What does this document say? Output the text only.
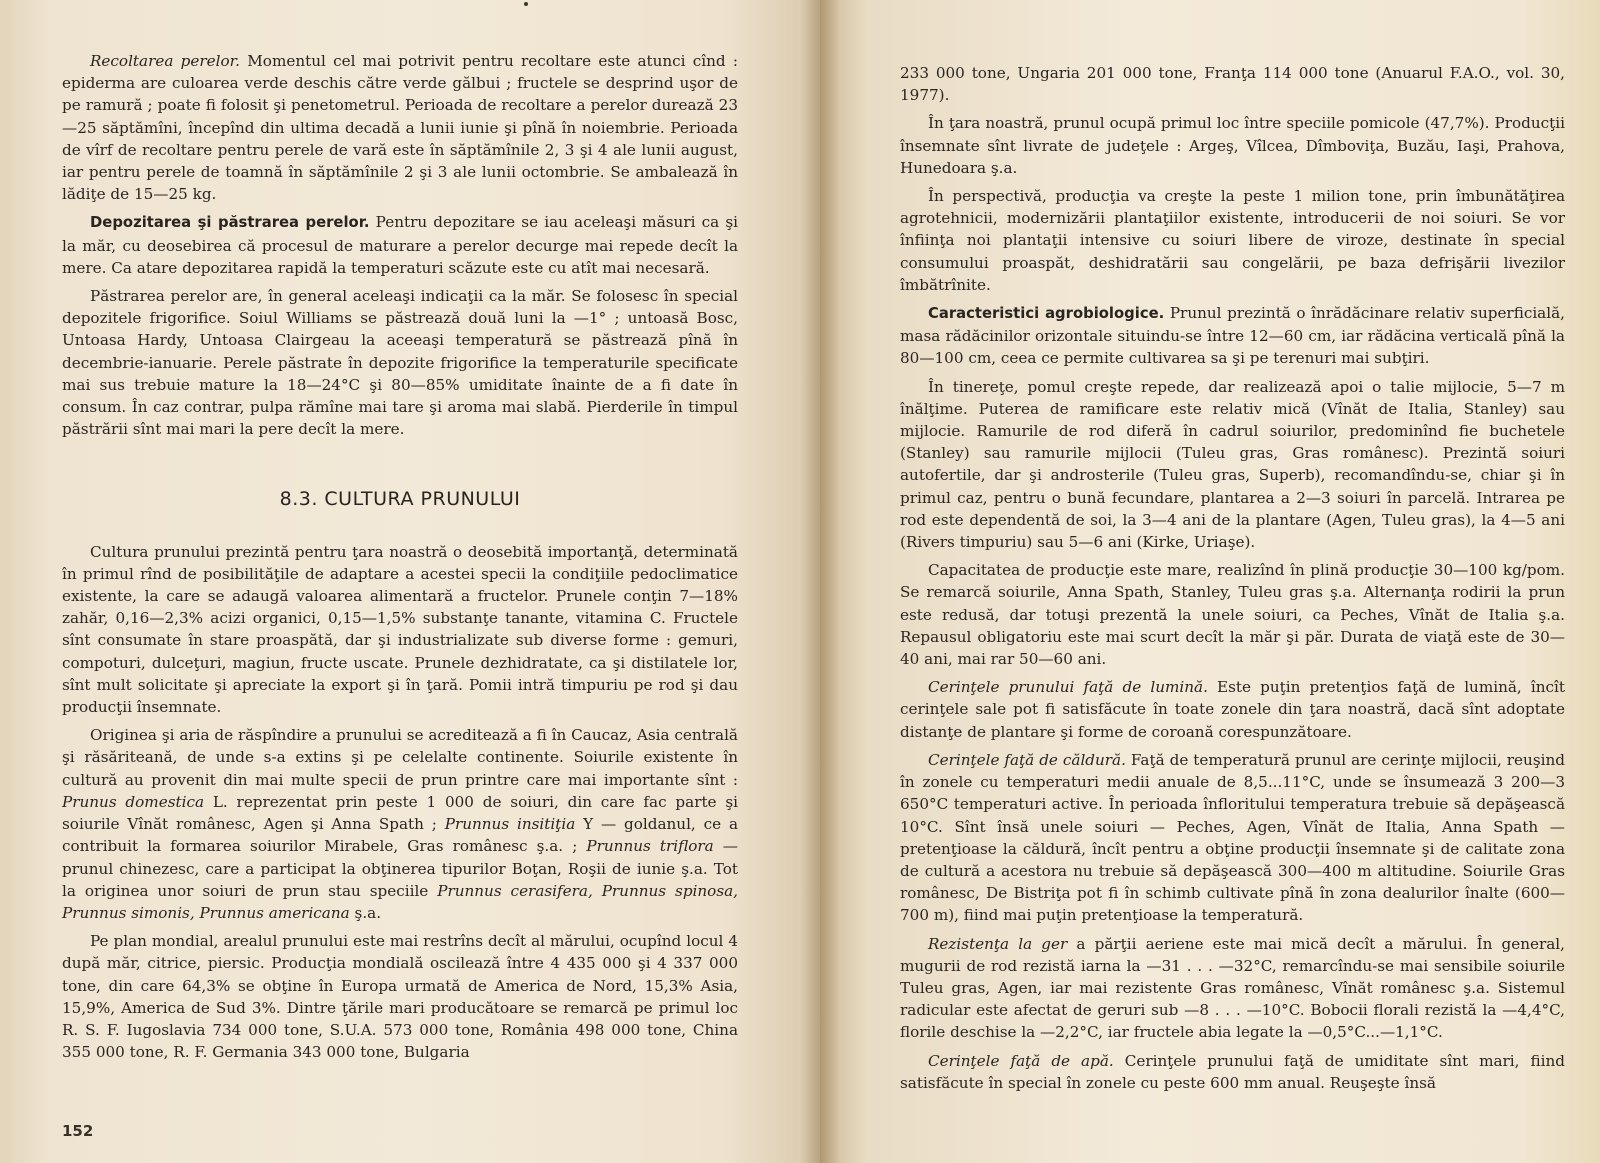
Recoltarea perelor. Momentul cel mai potrivit pentru recoltare este atunci cînd : epiderma are culoarea verde deschis către verde gălbui ; fructele se desprind uşor de pe ramură ; poate fi folosit şi penetometrul. Perioada de recoltare a perelor durează 23—25 săptămîni, începînd din ultima decadă a lunii iunie şi pînă în noiembrie. Perioada de vîrf de recoltare pentru perele de vară este în săptămînile 2, 3 şi 4 ale lunii august, iar pentru perele de toamnă în săptămînile 2 şi 3 ale lunii octombrie. Se ambalează în lădiţe de 15—25 kg.

Depozitarea şi păstrarea perelor. Pentru depozitare se iau aceleaşi măsuri ca şi la măr, cu deosebirea că procesul de maturare a perelor decurge mai repede decît la mere. Ca atare depozitarea rapidă la temperaturi scăzute este cu atît mai necesară.

Păstrarea perelor are, în general aceleaşi indicaţii ca la măr. Se folosesc în special depozitele frigorifice. Soiul Williams se păstrează două luni la —1° ; untoasă Bosc, Untoasa Hardy, Untoasa Clairgeau la aceeaşi temperatură se păstrează pînă în decembrie-ianuarie. Perele păstrate în depozite frigorifice la temperaturile specificate mai sus trebuie mature la 18—24°C şi 80—85% umiditate înainte de a fi date în consum. În caz contrar, pulpa rămîne mai tare şi aroma mai slabă. Pierderile în timpul păstrării sînt mai mari la pere decît la mere.

8.3. CULTURA PRUNULUI

Cultura prunului prezintă pentru ţara noastră o deosebită importanţă, determinată în primul rînd de posibilităţile de adaptare a acestei specii la condiţiile pedoclimatice existente, la care se adaugă valoarea alimentară a fructelor. Prunele conţin 7—18% zahăr, 0,16—2,3% acizi organici, 0,15—1,5% substanţe tanante, vitamina C. Fructele sînt consumate în stare proaspătă, dar şi industrializate sub diverse forme : gemuri, compoturi, dulceţuri, magiun, fructe uscate. Prunele dezhidratate, ca şi distilatele lor, sînt mult solicitate şi apreciate la export şi în ţară. Pomii intră timpuriu pe rod şi dau producţii însemnate.

Originea şi aria de răspîndire a prunului se acreditează a fi în Caucaz, Asia centrală şi răsăriteană, de unde s-a extins şi pe celelalte continente. Soiurile existente în cultură au provenit din mai multe specii de prun printre care mai importante sînt : Prunus domestica L. reprezentat prin peste 1 000 de soiuri, din care fac parte şi soiurile Vînăt românesc, Agen şi Anna Spath ; Prunnus insitiţia Y — goldanul, ce a contribuit la formarea soiurilor Mirabele, Gras românesc ş.a. ; Prunnus triflora — prunul chinezesc, care a participat la obţinerea tipurilor Boţan, Roşii de iunie ş.a. Tot la originea unor soiuri de prun stau speciile Prunnus cerasifera, Prunnus spinosa, Prunnus simonis, Prunnus americana ş.a.

Pe plan mondial, arealul prunului este mai restrîns decît al mărului, ocupînd locul 4 după măr, citrice, piersic. Producţia mondială oscilează între 4 435 000 şi 4 337 000 tone, din care 64,3% se obţine în Europa urmată de America de Nord, 15,3% Asia, 15,9%, America de Sud 3%. Dintre ţările mari producătoare se remarcă pe primul loc R. S. F. Iugoslavia 734 000 tone, S.U.A. 573 000 tone, România 498 000 tone, China 355 000 tone, R. F. Germania 343 000 tone, Bulgaria

152

233 000 tone, Ungaria 201 000 tone, Franţa 114 000 tone (Anuarul F.A.O., vol. 30, 1977).

În ţara noastră, prunul ocupă primul loc între speciile pomicole (47,7%). Producţii însemnate sînt livrate de judeţele : Argeş, Vîlcea, Dîmboviţa, Buzău, Iaşi, Prahova, Hunedoara ş.a.

În perspectivă, producţia va creşte la peste 1 milion tone, prin îmbunătăţirea agrotehnicii, modernizării plantaţiilor existente, introducerii de noi soiuri. Se vor înfiinţa noi plantaţii intensive cu soiuri libere de viroze, destinate în special consumului proaspăt, deshidratării sau congelării, pe baza defrişării livezilor îmbătrînite.

Caracteristici agrobiologice. Prunul prezintă o înrădăcinare relativ superficială, masa rădăcinilor orizontale situindu-se între 12—60 cm, iar rădăcina verticală pînă la 80—100 cm, ceea ce permite cultivarea sa şi pe terenuri mai subţiri.

În tinereţe, pomul creşte repede, dar realizează apoi o talie mijlocie, 5—7 m înălţime. Puterea de ramificare este relativ mică (Vînăt de Italia, Stanley) sau mijlocie. Ramurile de rod diferă în cadrul soiurilor, predominînd fie buchetele (Stanley) sau ramurile mijlocii (Tuleu gras, Gras românesc). Prezintă soiuri autofertile, dar şi androsterile (Tuleu gras, Superb), recomandîndu-se, chiar şi în primul caz, pentru o bună fecundare, plantarea a 2—3 soiuri în parcelă. Intrarea pe rod este dependentă de soi, la 3—4 ani de la plantare (Agen, Tuleu gras), la 4—5 ani (Rivers timpuriu) sau 5—6 ani (Kirke, Uriaşe).

Capacitatea de producţie este mare, realizînd în plină producţie 30—100 kg/pom. Se remarcă soiurile, Anna Spath, Stanley, Tuleu gras ş.a. Alternanţa rodirii la prun este redusă, dar totuşi prezentă la unele soiuri, ca Peches, Vînăt de Italia ş.a. Repausul obligatoriu este mai scurt decît la măr şi păr. Durata de viaţă este de 30—40 ani, mai rar 50—60 ani.

Cerinţele prunului faţă de lumină. Este puţin pretenţios faţă de lumină, încît cerinţele sale pot fi satisfăcute în toate zonele din ţara noastră, dacă sînt adoptate distanţe de plantare şi forme de coroană corespunzătoare.

Cerinţele faţă de căldură. Faţă de temperatură prunul are cerinţe mijlocii, reuşind în zonele cu temperaturi medii anuale de 8,5...11°C, unde se însumează 3 200—3 650°C temperaturi active. În perioada înfloritului temperatura trebuie să depăşească 10°C. Sînt însă unele soiuri — Peches, Agen, Vînăt de Italia, Anna Spath — pretenţioase la căldură, încît pentru a obţine producţii însemnate şi de calitate zona de cultură a acestora nu trebuie să depăşească 300—400 m altitudine. Soiurile Gras românesc, De Bistriţa pot fi în schimb cultivate pînă în zona dealurilor înalte (600—700 m), fiind mai puţin pretenţioase la temperatură.

Rezistenţa la ger a părţii aeriene este mai mică decît a mărului. În general, mugurii de rod rezistă iarna la —31 . . . —32°C, remarcîndu-se mai sensibile soiurile Tuleu gras, Agen, iar mai rezistente Gras românesc, Vînăt românesc ş.a. Sistemul radicular este afectat de geruri sub —8 . . . —10°C. Bobocii florali rezistă la —4,4°C, florile deschise la —2,2°C, iar fructele abia legate la —0,5°C...—1,1°C.

Cerinţele faţă de apă. Cerinţele prunului faţă de umiditate sînt mari, fiind satisfăcute în special în zonele cu peste 600 mm anual. Reuşeşte însă
